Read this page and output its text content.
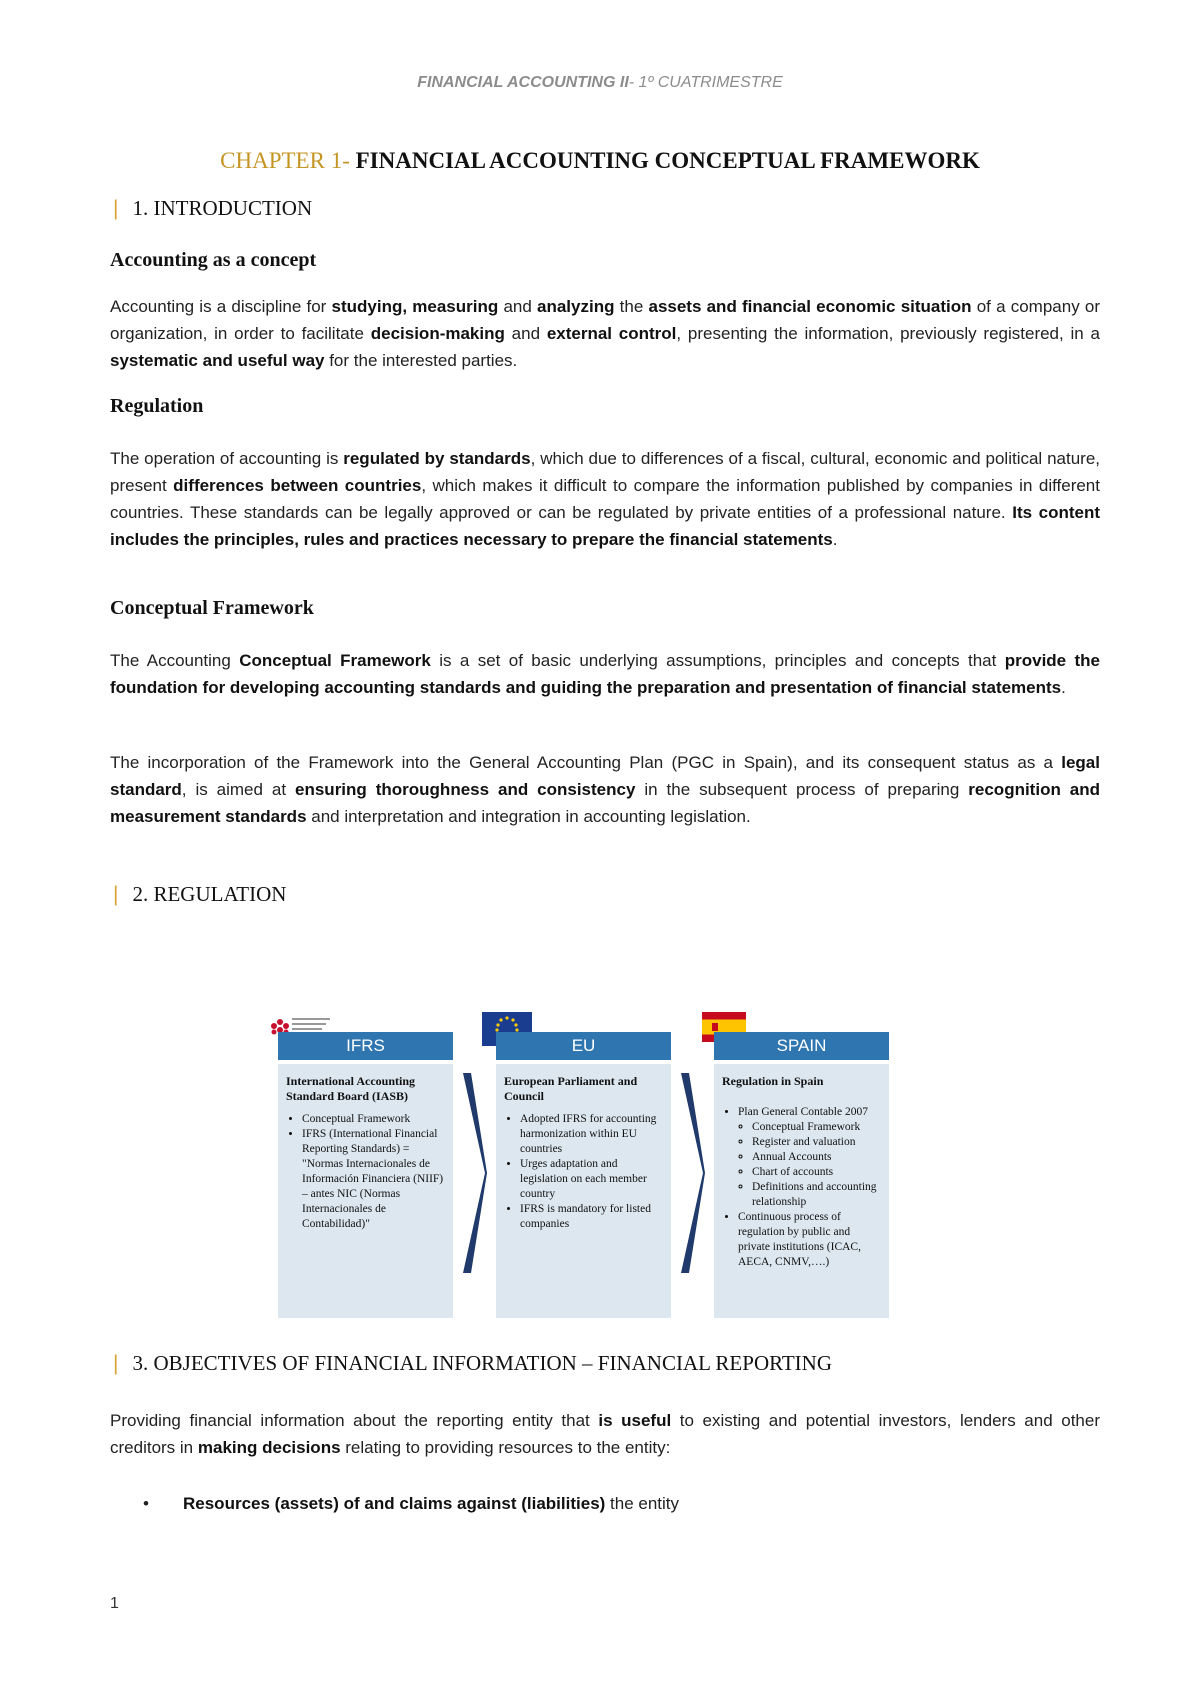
FINANCIAL ACCOUNTING II- 1º CUATRIMESTRE
CHAPTER 1- FINANCIAL ACCOUNTING CONCEPTUAL FRAMEWORK
| 1. INTRODUCTION
Accounting as a concept
Accounting is a discipline for studying, measuring and analyzing the assets and financial economic situation of a company or organization, in order to facilitate decision-making and external control, presenting the information, previously registered, in a systematic and useful way for the interested parties.
Regulation
The operation of accounting is regulated by standards, which due to differences of a fiscal, cultural, economic and political nature, present differences between countries, which makes it difficult to compare the information published by companies in different countries. These standards can be legally approved or can be regulated by private entities of a professional nature. Its content includes the principles, rules and practices necessary to prepare the financial statements.
Conceptual Framework
The Accounting Conceptual Framework is a set of basic underlying assumptions, principles and concepts that provide the foundation for developing accounting standards and guiding the preparation and presentation of financial statements.
The incorporation of the Framework into the General Accounting Plan (PGC in Spain), and its consequent status as a legal standard, is aimed at ensuring thoroughness and consistency in the subsequent process of preparing recognition and measurement standards and interpretation and integration in accounting legislation.
| 2. REGULATION
IFRS
International Accounting Standard Board (IASB)
• Conceptual Framework
• IFRS (International Financial Reporting Standards) = "Normas Internacionales de Información Financiera (NIIF) – antes NIC (Normas Internacionales de Contabilidad)"
EU
European Parliament and Council
• Adopted IFRS for accounting harmonization within EU countries
• Urges adaptation and legislation on each member country
• IFRS is mandatory for listed companies
SPAIN
Regulation in Spain
• Plan General Contable 2007
◦ Conceptual Framework
◦ Register and valuation
◦ Annual Accounts
◦ Chart of accounts
◦ Definitions and accounting relationship
• Continuous process of regulation by public and private institutions (ICAC, AECA, CNMV,….)
| 3. OBJECTIVES OF FINANCIAL INFORMATION – FINANCIAL REPORTING
Providing financial information about the reporting entity that is useful to existing and potential investors, lenders and other creditors in making decisions relating to providing resources to the entity:
•	Resources (assets) of and claims against (liabilities) the entity
1
